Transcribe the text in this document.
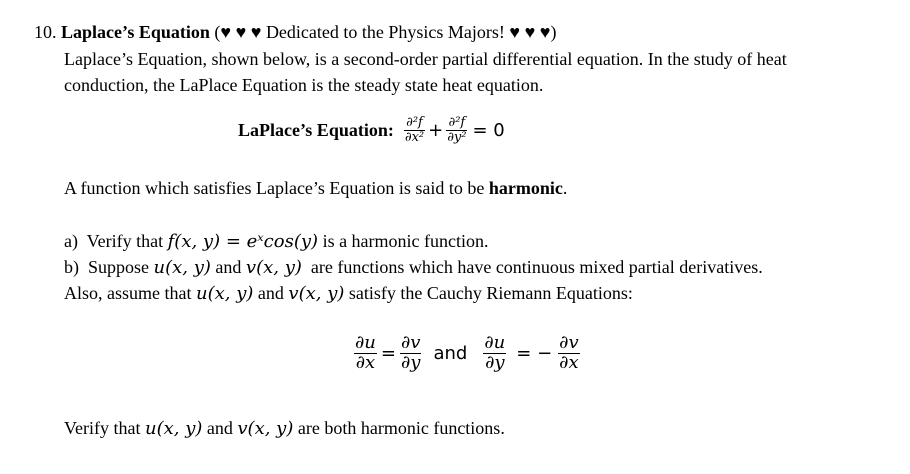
10. Laplace’s Equation (♥ ♥ ♥ Dedicated to the Physics Majors! ♥ ♥ ♥)
Laplace’s Equation, shown below, is a second-order partial differential equation. In the study of heat
conduction, the LaPlace Equation is the steady state heat equation.
LaPlace’s Equation: $\frac{\text{∂²f}}{\text{∂x²}} + \frac{\text{∂²f}}{\text{∂y²}} = 0$
A function which satisfies Laplace’s Equation is said to be harmonic.
a)  Verify that f(x, y) = eˣcos(y) is a harmonic function.
b)  Suppose u(x, y) and v(x, y)  are functions which have continuous mixed partial derivatives.
Also, assume that u(x, y) and v(x, y) satisfy the Cauchy Riemann Equations:
$\frac{\partial u}{\partial x} = \frac{\partial v}{\partial y}$ and $\frac{\partial u}{\partial y}$ = − $\frac{\partial v}{\partial x}$
Verify that u(x, y) and v(x, y) are both harmonic functions.
